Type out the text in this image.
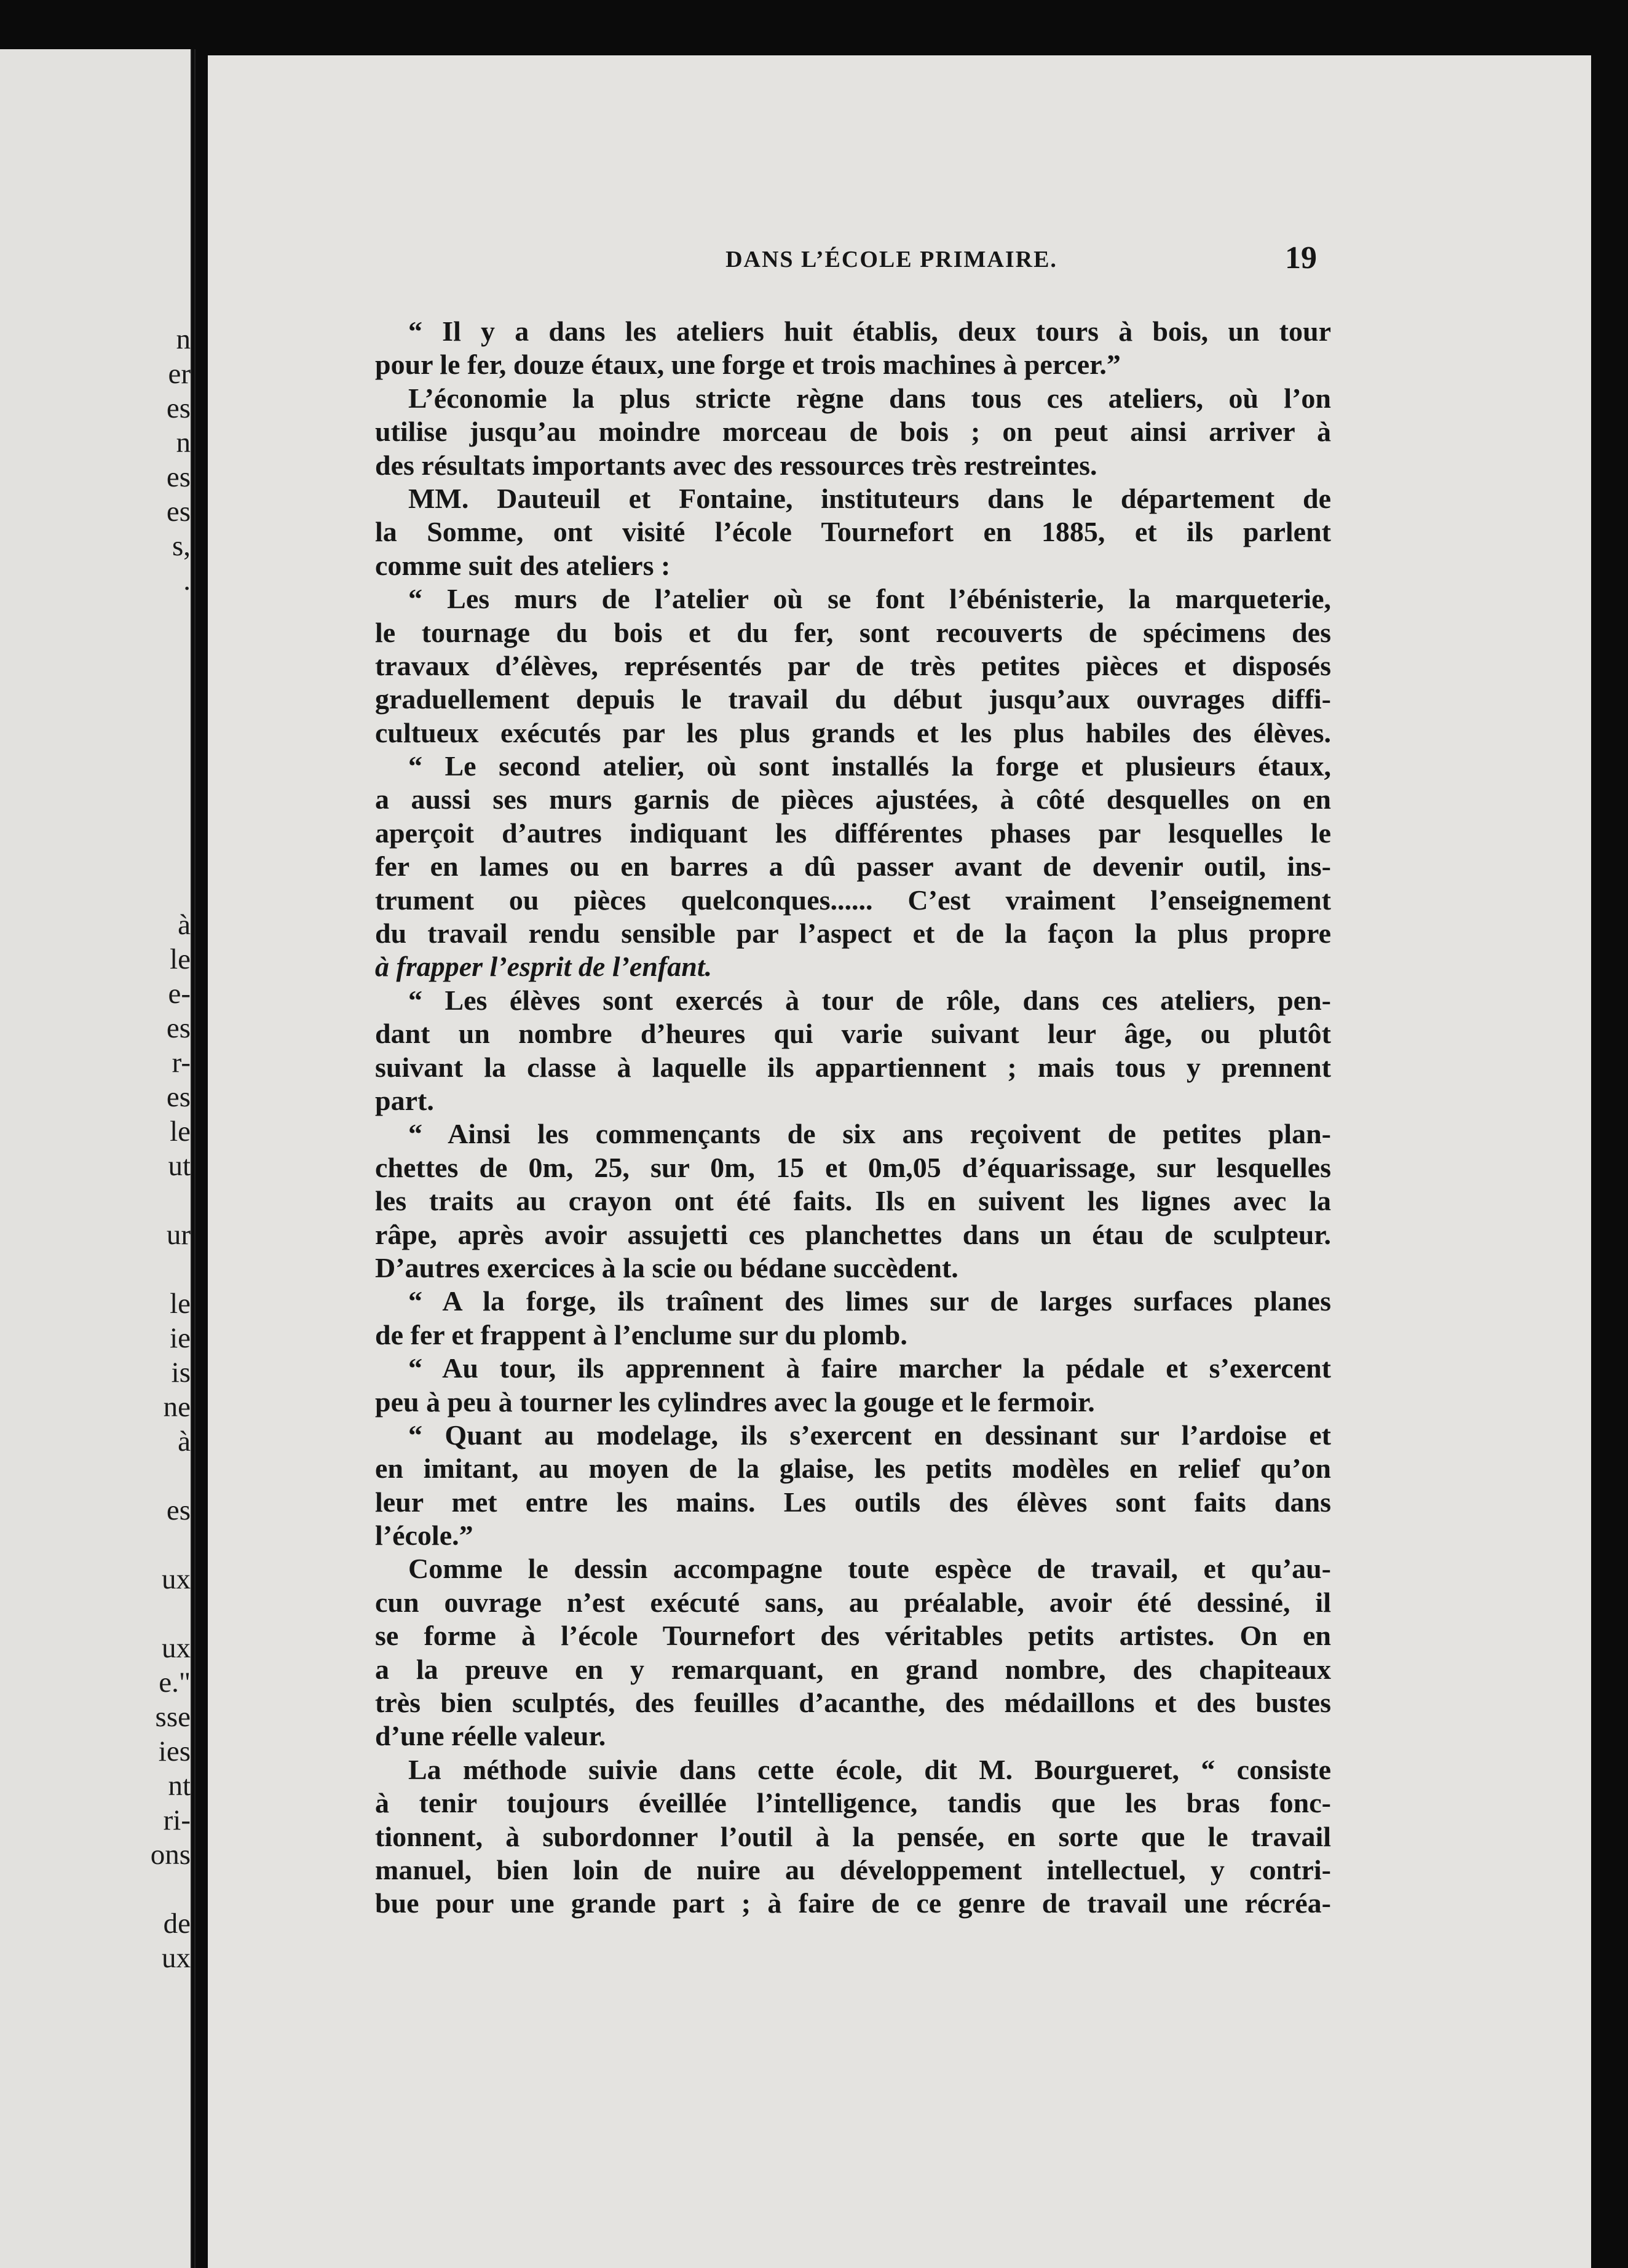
n
er
es
n
es
es
s,
.
à
le
e-
es
r-
es
le
ut
ur
le
ie
is
ne
à
es
ux
ux
e."
sse
ies
nt
ri-
ons
de
ux
DANS L’ÉCOLE PRIMAIRE.	19
“ Il y a dans les ateliers huit établis, deux tours à bois, un tour
pour le fer, douze étaux, une forge et trois machines à percer.”
L’économie la plus stricte règne dans tous ces ateliers, où l’on
utilise jusqu’au moindre morceau de bois ; on peut ainsi arriver à
des résultats importants avec des ressources très restreintes.
MM. Dauteuil et Fontaine, instituteurs dans le département de
la Somme, ont visité l’école Tournefort en 1885, et ils parlent
comme suit des ateliers :
“ Les murs de l’atelier où se font l’ébénisterie, la marqueterie,
le tournage du bois et du fer, sont recouverts de spécimens des
travaux d’élèves, représentés par de très petites pièces et disposés
graduellement depuis le travail du début jusqu’aux ouvrages diffi-
cultueux exécutés par les plus grands et les plus habiles des élèves.
“ Le second atelier, où sont installés la forge et plusieurs étaux,
a aussi ses murs garnis de pièces ajustées, à côté desquelles on en
aperçoit d’autres indiquant les différentes phases par lesquelles le
fer en lames ou en barres a dû passer avant de devenir outil, ins-
trument ou pièces quelconques...... C’est vraiment l’enseignement
du travail rendu sensible par l’aspect et de la façon la plus propre
à frapper l’esprit de l’enfant.
“ Les élèves sont exercés à tour de rôle, dans ces ateliers, pen-
dant un nombre d’heures qui varie suivant leur âge, ou plutôt
suivant la classe à laquelle ils appartiennent ; mais tous y prennent
part.
“ Ainsi les commençants de six ans reçoivent de petites plan-
chettes de 0m, 25, sur 0m, 15 et 0m,05 d’équarissage, sur lesquelles
les traits au crayon ont été faits. Ils en suivent les lignes avec la
râpe, après avoir assujetti ces planchettes dans un étau de sculpteur.
D’autres exercices à la scie ou bédane succèdent.
“ A la forge, ils traînent des limes sur de larges surfaces planes
de fer et frappent à l’enclume sur du plomb.
“ Au tour, ils apprennent à faire marcher la pédale et s’exercent
peu à peu à tourner les cylindres avec la gouge et le fermoir.
“ Quant au modelage, ils s’exercent en dessinant sur l’ardoise et
en imitant, au moyen de la glaise, les petits modèles en relief qu’on
leur met entre les mains. Les outils des élèves sont faits dans
l’école.”
Comme le dessin accompagne toute espèce de travail, et qu’au-
cun ouvrage n’est exécuté sans, au préalable, avoir été dessiné, il
se forme à l’école Tournefort des véritables petits artistes. On en
a la preuve en y remarquant, en grand nombre, des chapiteaux
très bien sculptés, des feuilles d’acanthe, des médaillons et des bustes
d’une réelle valeur.
La méthode suivie dans cette école, dit M. Bourgueret, “ consiste
à tenir toujours éveillée l’intelligence, tandis que les bras fonc-
tionnent, à subordonner l’outil à la pensée, en sorte que le travail
manuel, bien loin de nuire au développement intellectuel, y contri-
bue pour une grande part ; à faire de ce genre de travail une récréa-
